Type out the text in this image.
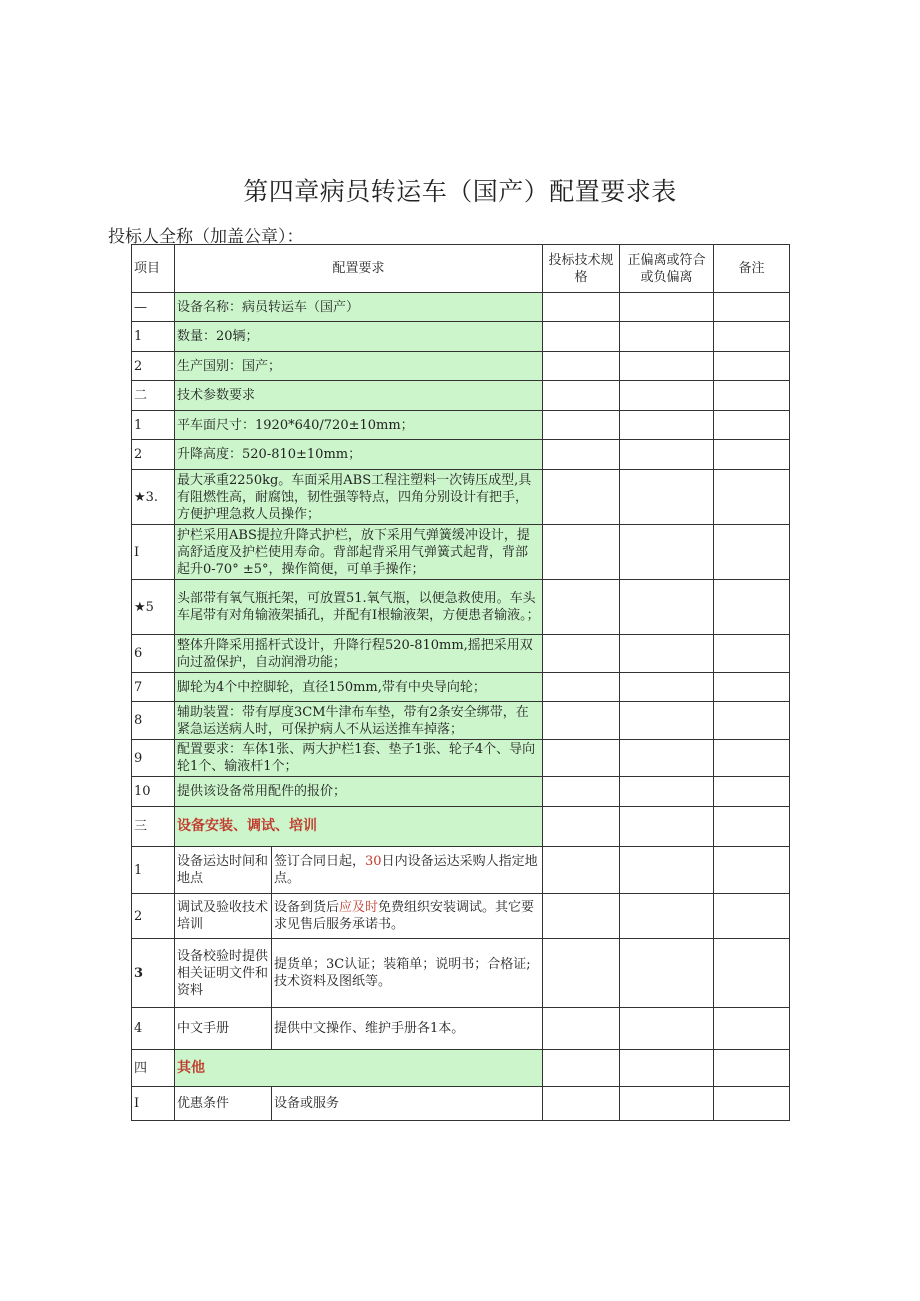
第四章病员转运车（国产）配置要求表
投标人全称（加盖公章）：
项目	配置要求		投标技术规格	正偏离或符合或负偏离	备注
—	设备名称：病员转运车（国产）				
1	数量：20辆；				
2	生产国别：国产；				
二	技术参数要求				
1	平车面尺寸：1920*640/720±10mm；				
2	升降高度：520-810±10mm；				
★3.	最大承重2250kg。车面采用ABS工程注塑料一次铸压成型,具有阻燃性高，耐腐蚀，韧性强等特点，四角分别设计有把手，方便护理急救人员操作；				
I	护栏采用ABS提拉升降式护栏，放下采用气弹簧缓冲设计，提高舒适度及护栏使用寿命。背部起背采用气弹簧式起背，背部起升0-70° ±5°，操作简便，可单手操作；				
★5	头部带有氧气瓶托架，可放置51.氧气瓶，以便急救使用。车头车尾带有对角输液架插孔，并配有I根输液架，方便患者输液。；				
6	整体升降采用摇杆式设计，升降行程520-810mm,摇把采用双向过盈保护，自动润滑功能；				
7	脚轮为4个中控脚轮，直径150mm,带有中央导向轮；				
8	辅助装置：带有厚度3CM牛津布车垫，带有2条安全绑带，在紧急运送病人时，可保护病人不从运送推车掉落；				
9	配置要求：车体1张、两大护栏1套、垫子1张、轮子4个、导向轮1个、输液杆1个；				
10	提供该设备常用配件的报价；				
三	设备安装、调试、培训				
1	设备运达时间和地点	签订合同日起，30日内设备运达采购人指定地点。			
2	调试及验收技术培训	设备到货后应及时免费组织安装调试。其它要求见售后服务承诺书。			
3	设备校验时提供相关证明文件和资料	提货单；3C认证；装箱单；说明书；合格证;技术资料及图纸等。			
4	中文手册	提供中文操作、维护手册各1本。			
四	其他				
I	优惠条件	设备或服务			
